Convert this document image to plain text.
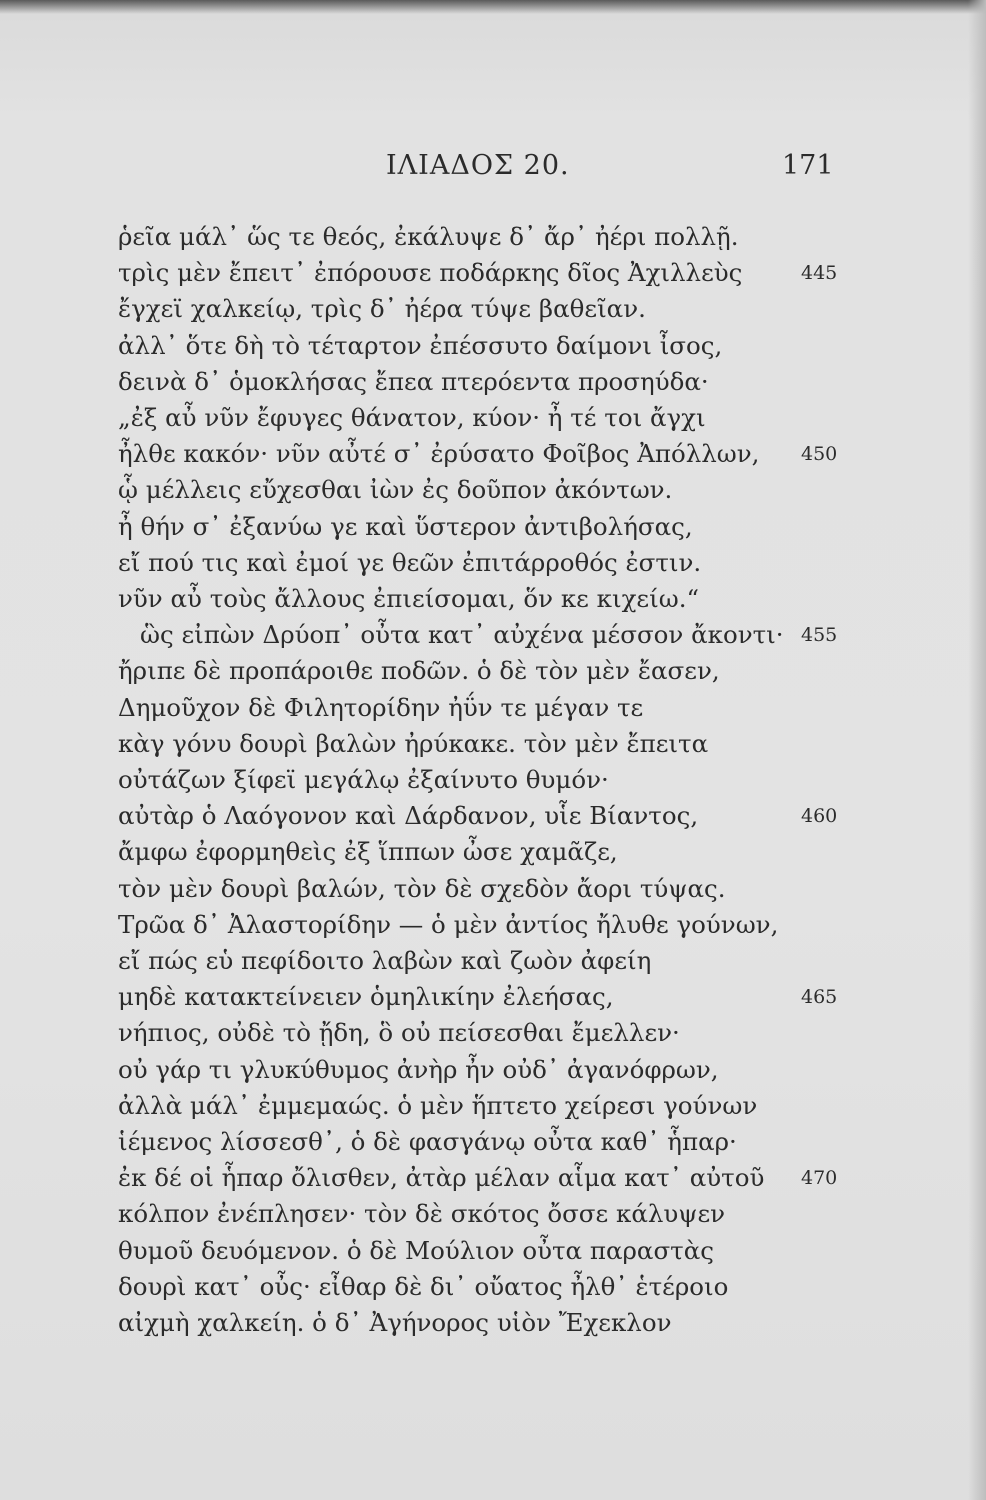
ΙΛΙΑΔΟΣ 20.	171
ῥεῖα μάλ᾽ ὥς τε θεός, ἐκάλυψε δ᾽ ἄρ᾽ ἠέρι πολλῇ.
τρὶς μὲν ἔπειτ᾽ ἐπόρουσε ποδάρκης δῖος Ἀχιλλεὺς	445
ἔγχεϊ χαλκείῳ, τρὶς δ᾽ ἠέρα τύψε βαθεῖαν.
ἀλλ᾽ ὅτε δὴ τὸ τέταρτον ἐπέσσυτο δαίμονι ἶσος,
δεινὰ δ᾽ ὁμοκλήσας ἔπεα πτερόεντα προσηύδα·
„ἐξ αὖ νῦν ἔφυγες θάνατον, κύον· ἦ τέ τοι ἄγχι
ἦλθε κακόν· νῦν αὖτέ σ᾽ ἐρύσατο Φοῖβος Ἀπόλλων, 450
ᾧ μέλλεις εὔχεσθαι ἰὼν ἐς δοῦπον ἀκόντων.
ἦ θήν σ᾽ ἐξανύω γε καὶ ὕστερον ἀντιβολήσας,
εἴ πού τις καὶ ἐμοί γε θεῶν ἐπιτάρροθός ἐστιν.
νῦν αὖ τοὺς ἄλλους ἐπιείσομαι, ὅν κε κιχείω.“
ὣς εἰπὼν Δρύοπ᾽ οὖτα κατ᾽ αὐχένα μέσσον ἄκοντι· 455
ἤριπε δὲ προπάροιθε ποδῶν. ὁ δὲ τὸν μὲν ἔασεν,
Δημοῦχον δὲ Φιλητορίδην ἠΰν τε μέγαν τε
κὰγ γόνυ δουρὶ βαλὼν ἠρύκακε. τὸν μὲν ἔπειτα
οὐτάζων ξίφεϊ μεγάλῳ ἐξαίνυτο θυμόν·
αὐτὰρ ὁ Λαόγονον καὶ Δάρδανον, υἷε Βίαντος,	460
ἄμφω ἐφορμηθεὶς ἐξ ἵππων ὦσε χαμᾶζε,
τὸν μὲν δουρὶ βαλών, τὸν δὲ σχεδὸν ἄορι τύψας.
Τρῶα δ᾽ Ἀλαστορίδην — ὁ μὲν ἀντίος ἤλυθε γούνων,
εἴ πώς εὑ πεφίδοιτο λαβὼν καὶ ζωὸν ἀφείη
μηδὲ κατακτείνειεν ὁμηλικίην ἐλεήσας,	465
νήπιος, οὐδὲ τὸ ᾔδη, ὃ οὐ πείσεσθαι ἔμελλεν·
οὐ γάρ τι γλυκύθυμος ἀνὴρ ἦν οὐδ᾽ ἀγανόφρων,
ἀλλὰ μάλ᾽ ἐμμεμαώς. ὁ μὲν ἥπτετο χείρεσι γούνων
ἱέμενος λίσσεσθ᾽, ὁ δὲ φασγάνῳ οὖτα καθ᾽ ἧπαρ·
ἐκ δέ οἱ ἧπαρ ὄλισθεν, ἀτὰρ μέλαν αἷμα κατ᾽ αὐτοῦ 470
κόλπον ἐνέπλησεν· τὸν δὲ σκότος ὄσσε κάλυψεν
θυμοῦ δευόμενον. ὁ δὲ Μούλιον οὖτα παραστὰς
δουρὶ κατ᾽ οὖς· εἶθαρ δὲ δι᾽ οὔατος ἦλθ᾽ ἑτέροιο
αἰχμὴ χαλκείη. ὁ δ᾽ Ἀγήνορος υἱὸν Ἔχεκλον
